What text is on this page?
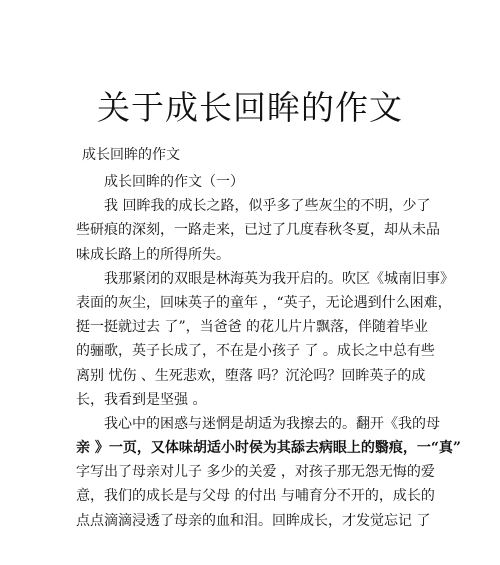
关于成长回眸的作文
成长回眸的作文
成长回眸的作文（一）
我 回眸我的成长之路，似乎多了些灰尘的不明，少了
些研痕的深刻，一路走来，已过了几度春秋冬夏，却从未品
味成长路上的所得所失。
我那紧闭的双眼是林海英为我开启的。吹区《城南旧事》
表面的灰尘，回味英子的童年 ，“英子，无论遇到什么困难，
挺一挺就过去 了”，当爸爸 的花儿片片飘落，伴随着毕业
的骊歌，英子长成了，不在是小孩子 了 。成长之中总有些
离别 忧伤 、生死悲欢，堕落 吗？沉沦吗？回眸英子的成
长，我看到是坚强 。
我心中的困惑与迷惘是胡适为我擦去的。翻开《我的母
亲 》一页，又体味胡适小时侯为其舔去病眼上的翳痕，一“真”
字写出了母亲对儿子 多少的关爱 ，对孩子那无怨无悔的爱
意，我们的成长是与父母 的付出 与哺育分不开的，成长的
点点滴滴浸透了母亲的血和泪。回眸成长，才发觉忘记 了
